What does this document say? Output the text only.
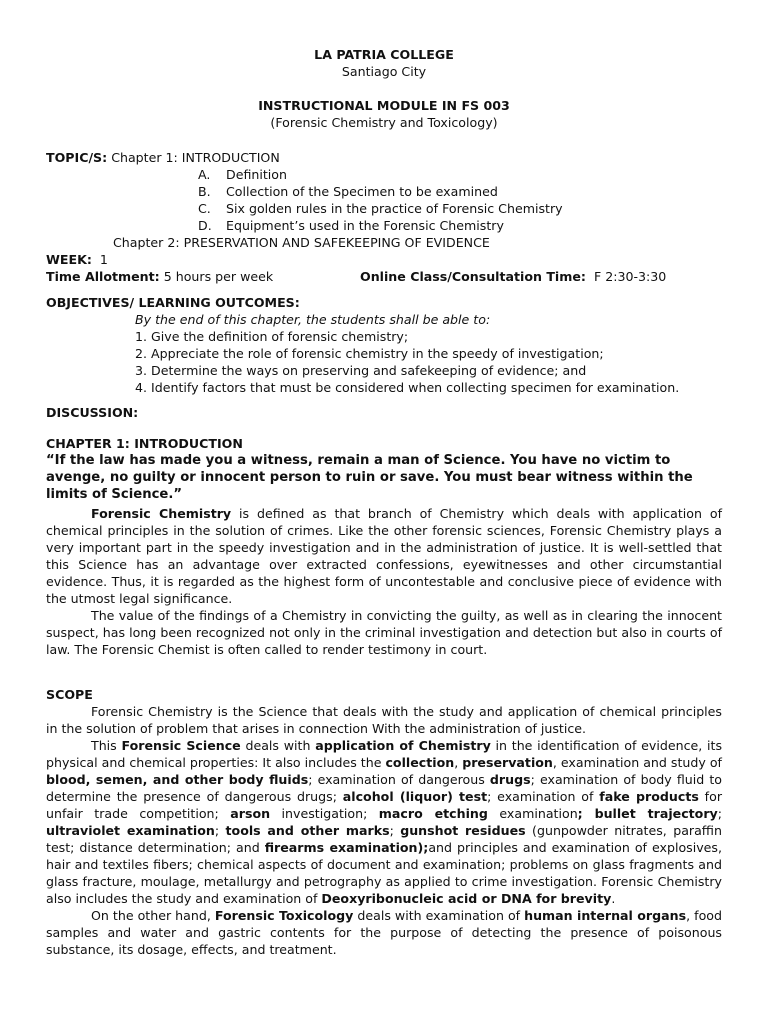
LA PATRIA COLLEGE

Santiago City

INSTRUCTIONAL MODULE IN FS 003

(Forensic Chemistry and Toxicology)

TOPIC/S: Chapter 1: INTRODUCTION

A. Definition

B. Collection of the Specimen to be examined

C. Six golden rules in the practice of Forensic Chemistry

D. Equipment’s used in the Forensic Chemistry

Chapter 2: PRESERVATION AND SAFEKEEPING OF EVIDENCE

WEEK: 1

Time Allotment: 5 hours per week	Online Class/Consultation Time: F 2:30-3:30

OBJECTIVES/ LEARNING OUTCOMES:

By the end of this chapter, the students shall be able to:

1. Give the definition of forensic chemistry;

2. Appreciate the role of forensic chemistry in the speedy of investigation;

3. Determine the ways on preserving and safekeeping of evidence; and

4. Identify factors that must be considered when collecting specimen for examination.

DISCUSSION:

CHAPTER 1: INTRODUCTION

“If the law has made you a witness, remain a man of Science. You have no victim to avenge, no guilty or innocent person to ruin or save. You must bear witness within the limits of Science.”

Forensic Chemistry is defined as that branch of Chemistry which deals with application of chemical principles in the solution of crimes. Like the other forensic sciences, Forensic Chemistry plays a very important part in the speedy investigation and in the administration of justice. It is well-settled that this Science has an advantage over extracted confessions, eyewitnesses and other circumstantial evidence. Thus, it is regarded as the highest form of uncontestable and conclusive piece of evidence with the utmost legal significance.

The value of the findings of a Chemistry in convicting the guilty, as well as in clearing the innocent suspect, has long been recognized not only in the criminal investigation and detection but also in courts of law. The Forensic Chemist is often called to render testimony in court.

SCOPE

Forensic Chemistry is the Science that deals with the study and application of chemical principles in the solution of problem that arises in connection With the administration of justice.

This Forensic Science deals with application of Chemistry in the identification of evidence, its physical and chemical properties: It also includes the collection, preservation, examination and study of blood, semen, and other body fluids; examination of dangerous drugs; examination of body fluid to determine the presence of dangerous drugs; alcohol (liquor) test; examination of fake products for unfair trade competition; arson investigation; macro etching examination; bullet trajectory; ultraviolet examination; tools and other marks; gunshot residues (gunpowder nitrates, paraffin test; distance determination; and firearms examination);and principles and examination of explosives, hair and textiles fibers; chemical aspects of document and examination; problems on glass fragments and glass fracture, moulage, metallurgy and petrography as applied to crime investigation. Forensic Chemistry also includes the study and examination of Deoxyribonucleic acid or DNA for brevity.

On the other hand, Forensic Toxicology deals with examination of human internal organs, food samples and water and gastric contents for the purpose of detecting the presence of poisonous substance, its dosage, effects, and treatment.
